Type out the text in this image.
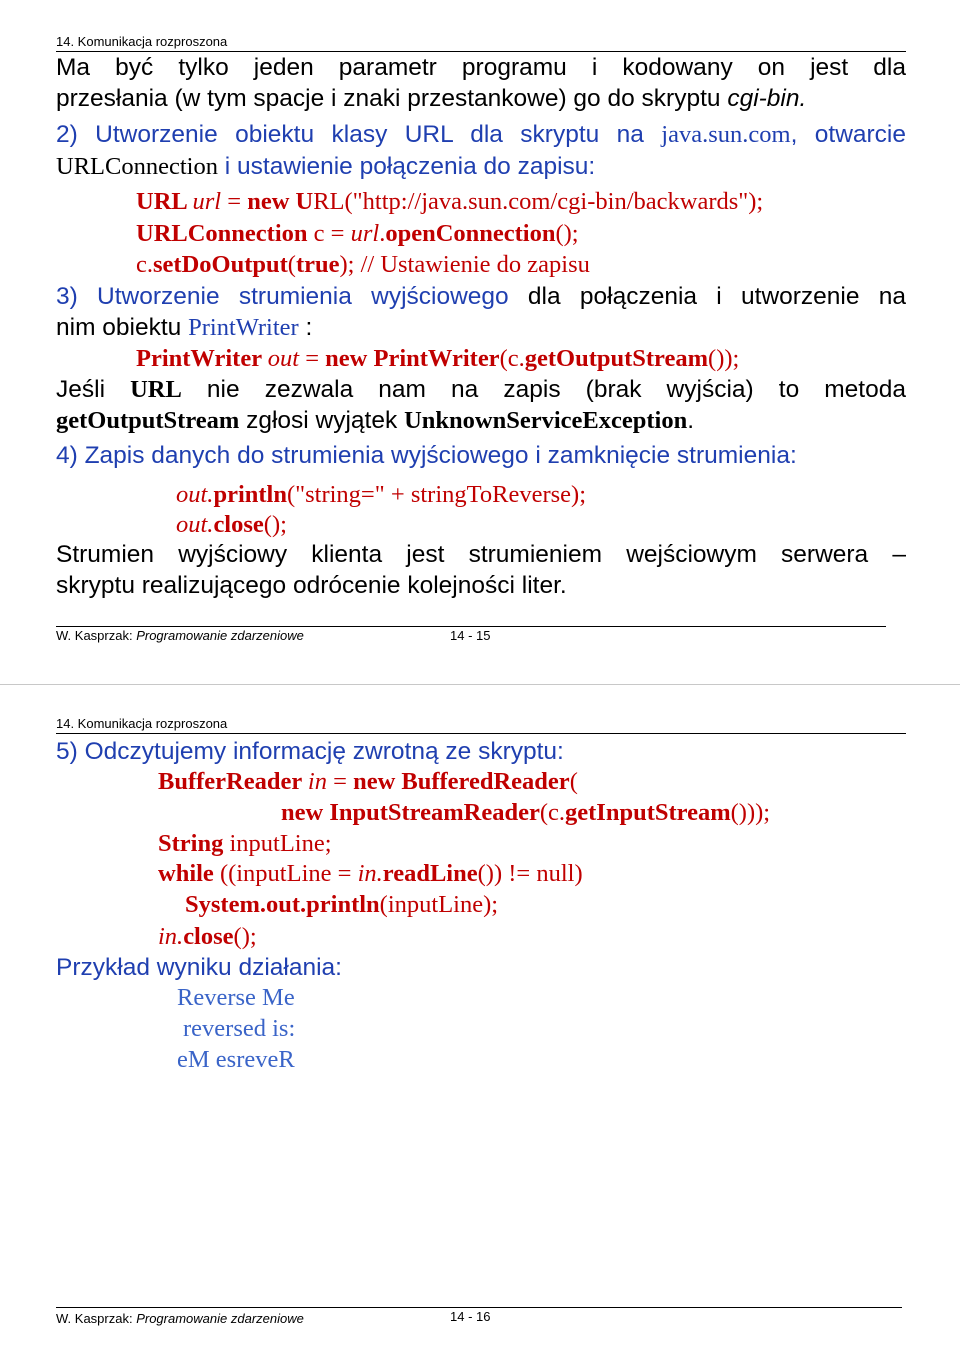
14. Komunikacja rozproszona
Ma być tylko jeden parametr programu i kodowany on jest dla
przesłania (w tym spacje i znaki przestankowe) go do skryptu cgi-bin.
2) Utworzenie obiektu klasy URL dla skryptu na java.sun.com, otwarcie
URLConnection i ustawienie połączenia do zapisu:
URL url = new URL("http://java.sun.com/cgi-bin/backwards");
URLConnection c = url.openConnection();
c.setDoOutput(true); // Ustawienie do zapisu
3) Utworzenie strumienia wyjściowego dla połączenia i utworzenie na
nim obiektu PrintWriter :
PrintWriter out = new PrintWriter(c.getOutputStream());
Jeśli URL nie zezwala nam na zapis (brak wyjścia) to metoda
getOutputStream zgłosi wyjątek UnknownServiceException.
4) Zapis danych do strumienia wyjściowego i zamknięcie strumienia:
out.println("string=" + stringToReverse);
out.close();
Strumien wyjściowy klienta jest strumieniem wejściowym serwera –
skryptu realizującego odrócenie kolejności liter.
W. Kasprzak: Programowanie zdarzeniowe	14 - 15
14. Komunikacja rozproszona
5) Odczytujemy informację zwrotną ze skryptu:
BufferReader in = new BufferedReader(
new InputStreamReader(c.getInputStream()));
String inputLine;
while ((inputLine = in.readLine()) != null)
System.out.println(inputLine);
in.close();
Przykład wyniku działania:
Reverse Me
reversed is:
eM esreveR
W. Kasprzak: Programowanie zdarzeniowe	14 - 16
